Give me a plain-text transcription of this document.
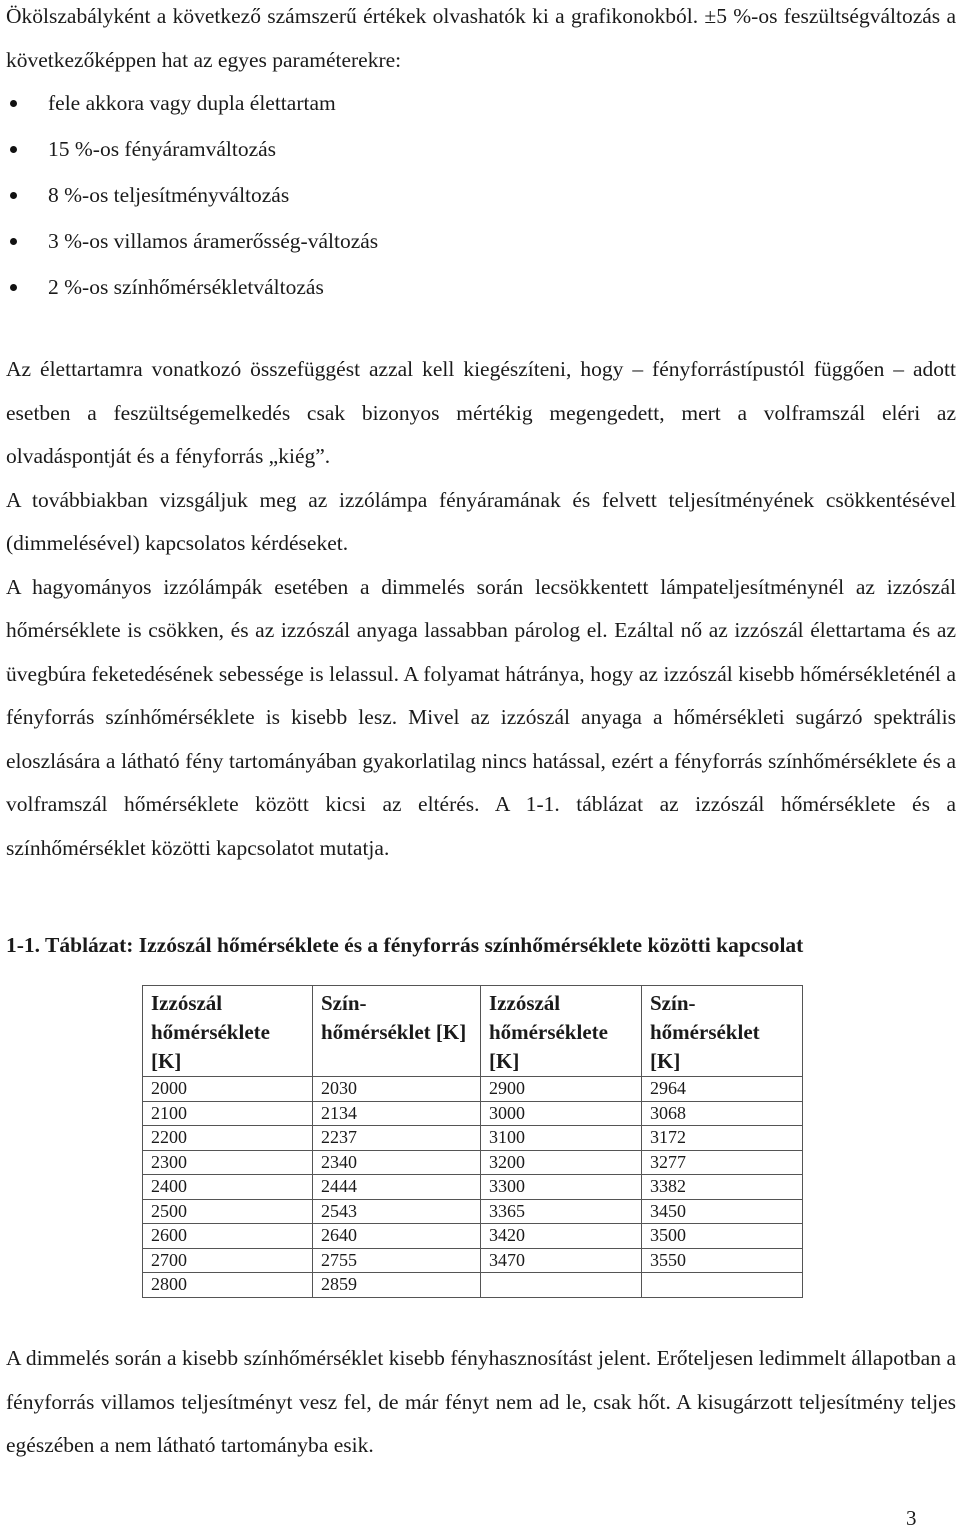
Ökölszabályként a következő számszerű értékek olvashatók ki a grafikonokból. ±5 %-os feszültségváltozás a következőképpen hat az egyes paraméterekre:

fele akkora vagy dupla élettartam
15 %-os fényáramváltozás
8 %-os teljesítményváltozás
3 %-os villamos áramerősség-változás
2 %-os színhőmérsékletváltozás

Az élettartamra vonatkozó összefüggést azzal kell kiegészíteni, hogy – fényforrástípustól függően – adott esetben a feszültségemelkedés csak bizonyos mértékig megengedett, mert a volframszál eléri az olvadáspontját és a fényforrás „kiég”.

A továbbiakban vizsgáljuk meg az izzólámpa fényáramának és felvett teljesítményének csökkentésével (dimmelésével) kapcsolatos kérdéseket.

A hagyományos izzólámpák esetében a dimmelés során lecsökkentett lámpateljesítménynél az izzószál hőmérséklete is csökken, és az izzószál anyaga lassabban párolog el. Ezáltal nő az izzószál élettartama és az üvegbúra feketedésének sebessége is lelassul. A folyamat hátránya, hogy az izzószál kisebb hőmérsékleténél a fényforrás színhőmérséklete is kisebb lesz. Mivel az izzószál anyaga a hőmérsékleti sugárzó spektrális eloszlására a látható fény tartományában gyakorlatilag nincs hatással, ezért a fényforrás színhőmérséklete és a volframszál hőmérséklete között kicsi az eltérés. A 1-1. táblázat az izzószál hőmérséklete és a színhőmérséklet közötti kapcsolatot mutatja.

1-1. Táblázat: Izzószál hőmérséklete és a fényforrás színhőmérséklete közötti kapcsolat
Izzószál hőmérséklete [K]	Szín-hőmérséklet [K]	Izzószál hőmérséklete [K]	Szín-hőmérséklet [K]
2000	2030	2900	2964
2100	2134	3000	3068
2200	2237	3100	3172
2300	2340	3200	3277
2400	2444	3300	3382
2500	2543	3365	3450
2600	2640	3420	3500
2700	2755	3470	3550
2800	2859		

A dimmelés során a kisebb színhőmérséklet kisebb fényhasznosítást jelent. Erőteljesen ledimmelt állapotban a fényforrás villamos teljesítményt vesz fel, de már fényt nem ad le, csak hőt. A kisugárzott teljesítmény teljes egészében a nem látható tartományba esik.

3
